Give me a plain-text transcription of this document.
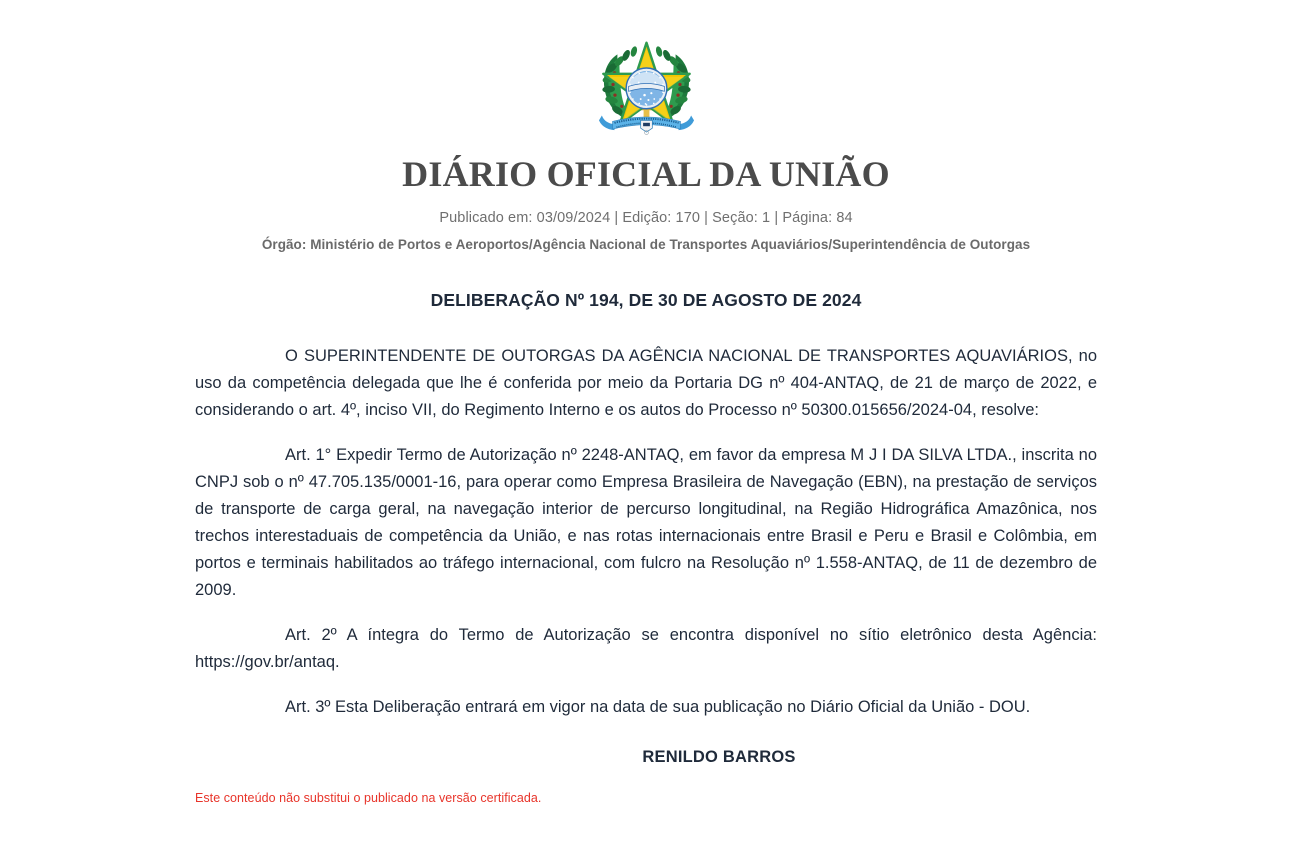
DIÁRIO OFICIAL DA UNIÃO
Publicado em: 03/09/2024 | Edição: 170 | Seção: 1 | Página: 84
Órgão: Ministério de Portos e Aeroportos/Agência Nacional de Transportes Aquaviários/Superintendência de Outorgas
DELIBERAÇÃO Nº 194, DE 30 DE AGOSTO DE 2024

O SUPERINTENDENTE DE OUTORGAS DA AGÊNCIA NACIONAL DE TRANSPORTES AQUAVIÁRIOS, no uso da competência delegada que lhe é conferida por meio da Portaria DG nº 404-ANTAQ, de 21 de março de 2022, e considerando o art. 4º, inciso VII, do Regimento Interno e os autos do Processo nº 50300.015656/2024-04, resolve:

Art. 1° Expedir Termo de Autorização nº 2248-ANTAQ, em favor da empresa M J I DA SILVA LTDA., inscrita no CNPJ sob o nº 47.705.135/0001-16, para operar como Empresa Brasileira de Navegação (EBN), na prestação de serviços de transporte de carga geral, na navegação interior de percurso longitudinal, na Região Hidrográfica Amazônica, nos trechos interestaduais de competência da União, e nas rotas internacionais entre Brasil e Peru e Brasil e Colômbia, em portos e terminais habilitados ao tráfego internacional, com fulcro na Resolução nº 1.558-ANTAQ, de 11 de dezembro de 2009.

Art. 2º A íntegra do Termo de Autorização se encontra disponível no sítio eletrônico desta Agência: https://gov.br/antaq.

Art. 3º Esta Deliberação entrará em vigor na data de sua publicação no Diário Oficial da União - DOU.

RENILDO BARROS
Este conteúdo não substitui o publicado na versão certificada.
